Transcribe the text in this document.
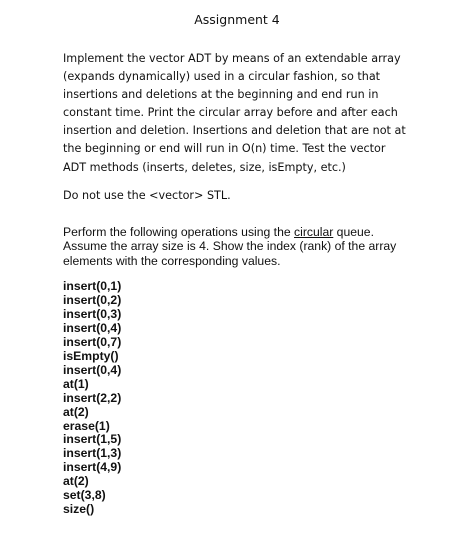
Assignment 4

Implement the vector ADT by means of an extendable array
(expands dynamically) used in a circular fashion, so that
insertions and deletions at the beginning and end run in
constant time. Print the circular array before and after each
insertion and deletion. Insertions and deletion that are not at
the beginning or end will run in O(n) time. Test the vector
ADT methods (inserts, deletes, size, isEmpty, etc.)

Do not use the <vector> STL.

Perform the following operations using the circular queue.
Assume the array size is 4. Show the index (rank) of the array
elements with the corresponding values.

insert(0,1)
insert(0,2)
insert(0,3)
insert(0,4)
insert(0,7)
isEmpty()
insert(0,4)
at(1)
insert(2,2)
at(2)
erase(1)
insert(1,5)
insert(1,3)
insert(4,9)
at(2)
set(3,8)
size()
